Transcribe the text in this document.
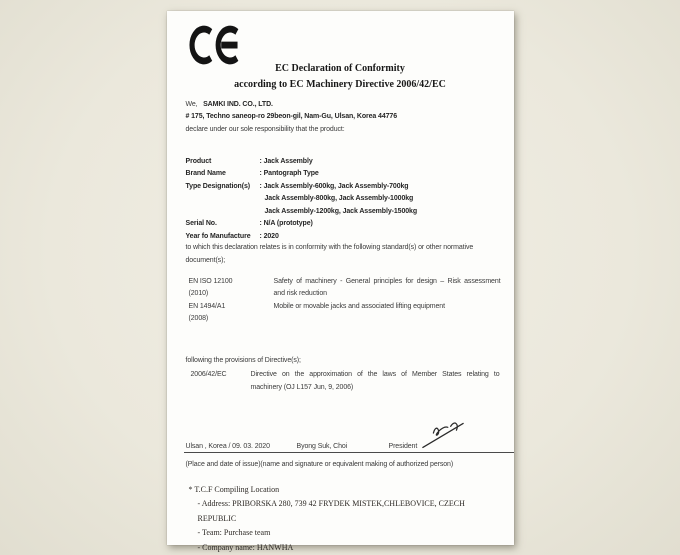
EC Declaration of Conformity
according to EC Machinery Directive 2006/42/EC
We, SAMKI IND. CO., LTD.
# 175, Techno saneop-ro 29beon-gil, Nam-Gu, Ulsan, Korea 44776
declare under our sole responsibility that the product:
Product	: Jack Assembly
Brand Name	: Pantograph Type
Type Designation(s)	: Jack Assembly-600kg, Jack Assembly-700kg
Jack Assembly-800kg, Jack Assembly-1000kg
Jack Assembly-1200kg, Jack Assembly-1500kg
Serial No.	: N/A (prototype)
Year fo Manufacture	: 2020
to which this declaration relates is in conformity with the following standard(s) or other normative
document(s);
EN ISO 12100	Safety of machinery - General principles for design – Risk assessment
(2010)	and risk reduction
EN 1494/A1	Mobile or movable jacks and associated lifting equipment
(2008)
following the provisions of Directive(s);
2006/42/EC	Directive on the approximation of the laws of Member States relating to
machinery (OJ L157 Jun, 9, 2006)
Ulsan , Korea / 09. 03. 2020	Byong Suk, Choi	President
(Place and date of issue)(name and signature or equivalent making of authorized person)
* T.C.F Compiling Location
- Address: PRIBORSKA 280, 739 42 FRYDEK MISTEK,CHLEBOVICE, CZECH REPUBLIC
- Team: Purchase team
- Company name: HANWHA
